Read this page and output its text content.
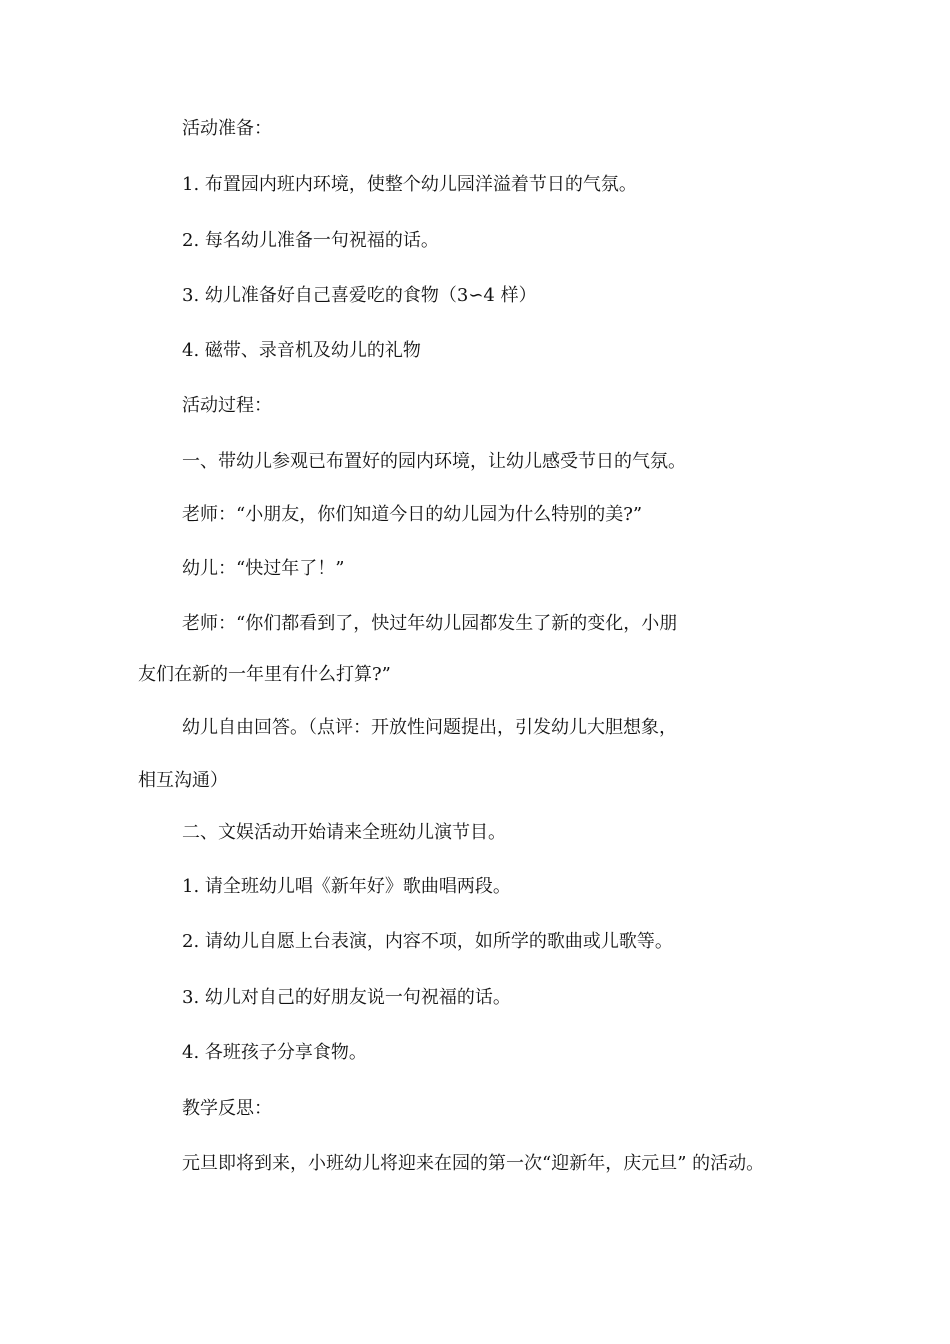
活动准备：
1. 布置园内班内环境，使整个幼儿园洋溢着节日的气氛。
2. 每名幼儿准备一句祝福的话。
3. 幼儿准备好自己喜爱吃的食物（3∽4 样）
4. 磁带、录音机及幼儿的礼物
活动过程：
一、带幼儿参观已布置好的园内环境，让幼儿感受节日的气氛。
老师：“小朋友，你们知道今日的幼儿园为什么特别的美?”
幼儿：“快过年了！”
老师：“你们都看到了，快过年幼儿园都发生了新的变化，小朋
友们在新的一年里有什么打算?”
幼儿自由回答。（点评：开放性问题提出，引发幼儿大胆想象，
相互沟通）
二、文娱活动开始请来全班幼儿演节目。
1. 请全班幼儿唱《新年好》歌曲唱两段。
2. 请幼儿自愿上台表演，内容不项，如所学的歌曲或儿歌等。
3. 幼儿对自己的好朋友说一句祝福的话。
4. 各班孩子分享食物。
教学反思：
元旦即将到来，小班幼儿将迎来在园的第一次“迎新年，庆元旦” 的活动。
